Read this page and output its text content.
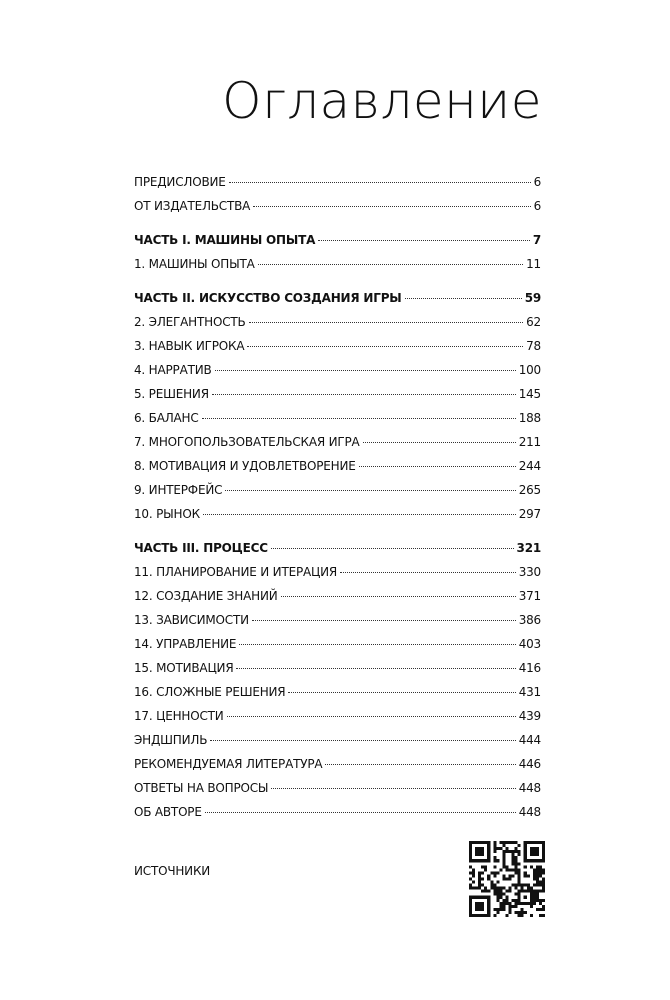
Оглавление
ПРЕДИСЛОВИЕ	6
ОТ ИЗДАТЕЛЬСТВА	6
ЧАСТЬ I. МАШИНЫ ОПЫТА	7
1. МАШИНЫ ОПЫТА	11
ЧАСТЬ II. ИСКУССТВО СОЗДАНИЯ ИГРЫ	59
2. ЭЛЕГАНТНОСТЬ	62
3. НАВЫК ИГРОКА	78
4. НАРРАТИВ	100
5. РЕШЕНИЯ	145
6. БАЛАНС	188
7. МНОГОПОЛЬЗОВАТЕЛЬСКАЯ ИГРА	211
8. МОТИВАЦИЯ И УДОВЛЕТВОРЕНИЕ	244
9. ИНТЕРФЕЙС	265
10. РЫНОК	297
ЧАСТЬ III. ПРОЦЕСС	321
11. ПЛАНИРОВАНИЕ И ИТЕРАЦИЯ	330
12. СОЗДАНИЕ ЗНАНИЙ	371
13. ЗАВИСИМОСТИ	386
14. УПРАВЛЕНИЕ	403
15. МОТИВАЦИЯ	416
16. СЛОЖНЫЕ РЕШЕНИЯ	431
17. ЦЕННОСТИ	439
ЭНДШПИЛЬ	444
РЕКОМЕНДУЕМАЯ ЛИТЕРАТУРА	446
ОТВЕТЫ НА ВОПРОСЫ	448
ОБ АВТОРЕ	448
ИСТОЧНИКИ
